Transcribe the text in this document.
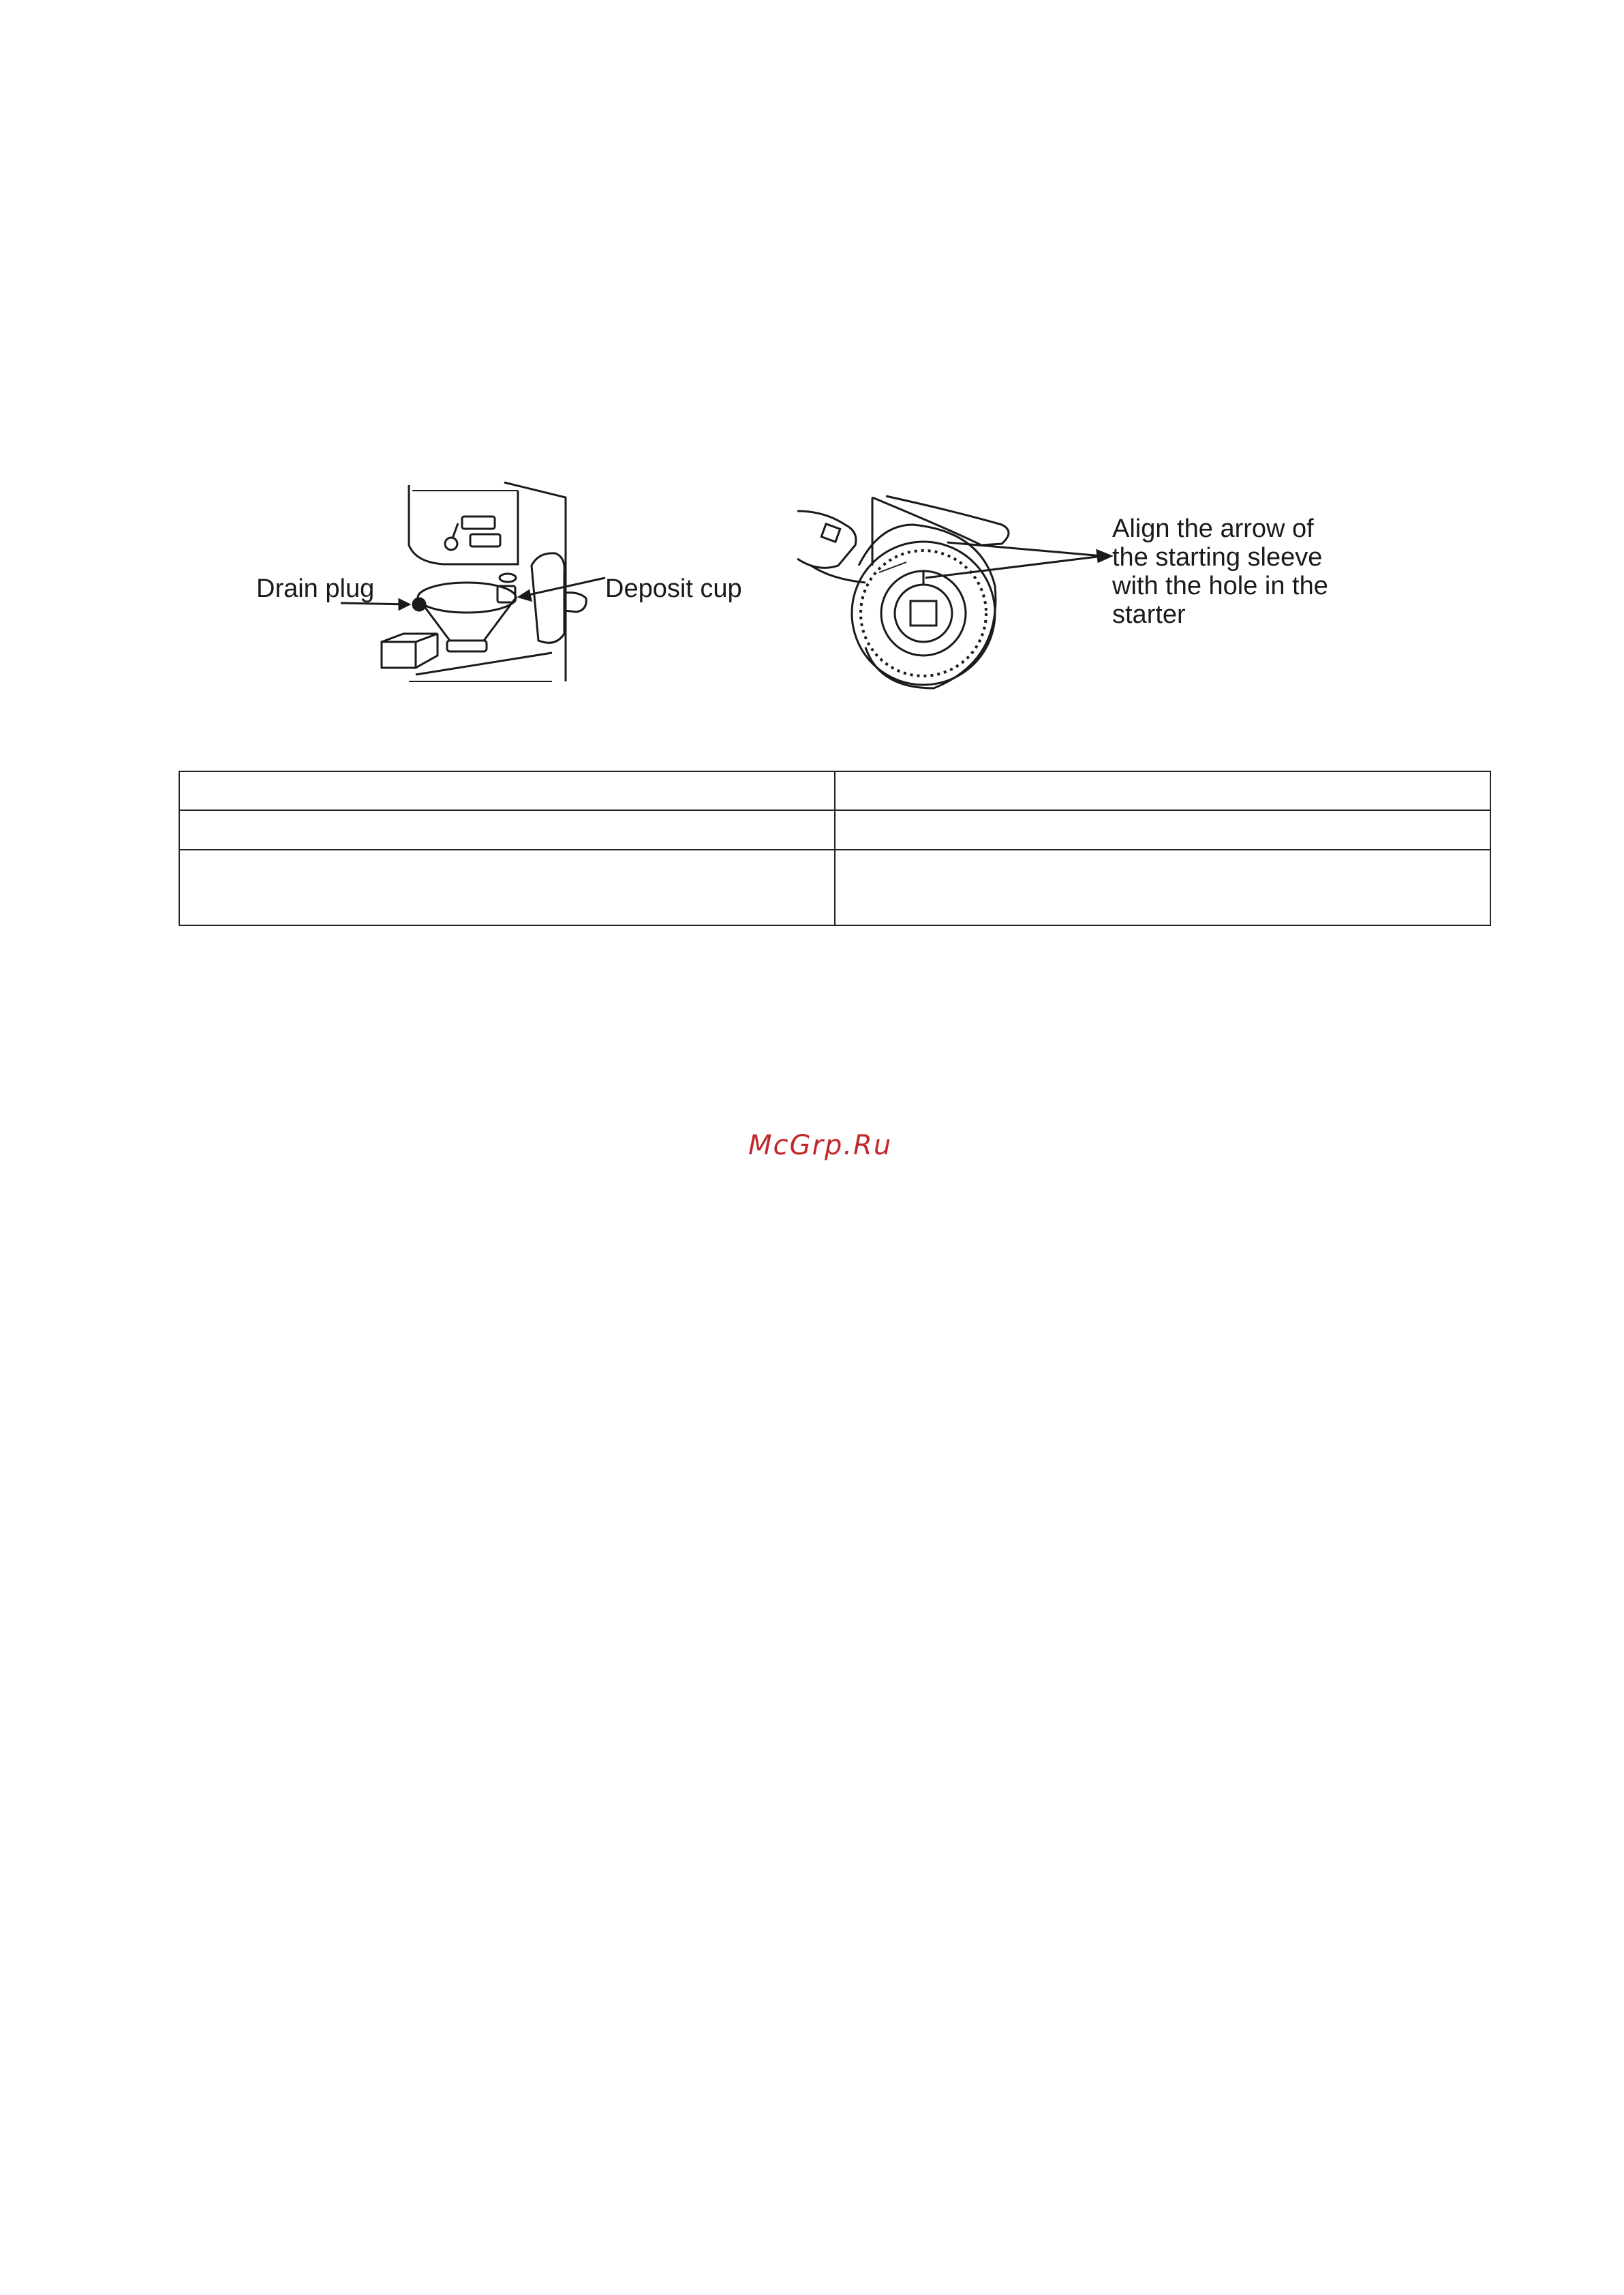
Drain plug	Deposit cup
Align the arrow of
the starting sleeve
with the hole in the
starter
McGrp.Ru
